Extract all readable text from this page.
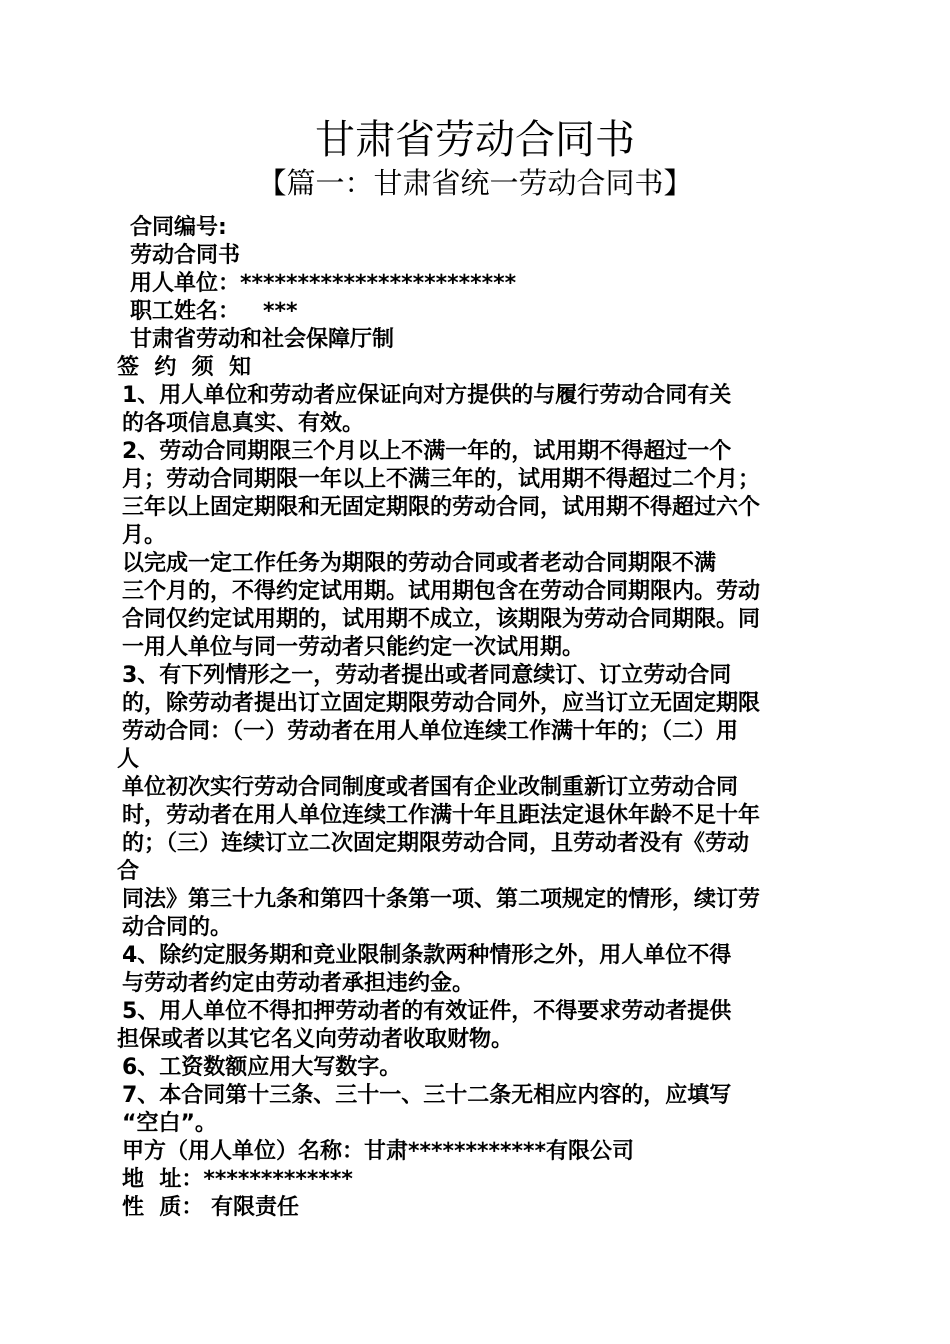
甘肃省劳动合同书
【篇一：甘肃省统一劳动合同书】
合同编号:
劳动合同书
用人单位：************************
职工姓名：   ***
甘肃省劳动和社会保障厅制
签  约  须  知
1、用人单位和劳动者应保证向对方提供的与履行劳动合同有关
的各项信息真实、有效。
2、劳动合同期限三个月以上不满一年的，试用期不得超过一个
月；劳动合同期限一年以上不满三年的，试用期不得超过二个月；
三年以上固定期限和无固定期限的劳动合同，试用期不得超过六个
月。
以完成一定工作任务为期限的劳动合同或者老动合同期限不满
三个月的，不得约定试用期。试用期包含在劳动合同期限内。劳动
合同仅约定试用期的，试用期不成立，该期限为劳动合同期限。同
一用人单位与同一劳动者只能约定一次试用期。
3、有下列情形之一，劳动者提出或者同意续订、订立劳动合同
的，除劳动者提出订立固定期限劳动合同外，应当订立无固定期限
劳动合同：（一）劳动者在用人单位连续工作满十年的；（二）用
人
单位初次实行劳动合同制度或者国有企业改制重新订立劳动合同
时，劳动者在用人单位连续工作满十年且距法定退休年龄不足十年
的；（三）连续订立二次固定期限劳动合同，且劳动者没有《劳动
合
同法》第三十九条和第四十条第一项、第二项规定的情形，续订劳
动合同的。
4、除约定服务期和竞业限制条款两种情形之外，用人单位不得
与劳动者约定由劳动者承担违约金。
5、用人单位不得扣押劳动者的有效证件，不得要求劳动者提供
担保或者以其它名义向劳动者收取财物。
6、工资数额应用大写数字。
7、本合同第十三条、三十一、三十二条无相应内容的，应填写
“空白”。
甲方（用人单位）名称：甘肃************有限公司
地  址：*************
性  质： 有限责任
